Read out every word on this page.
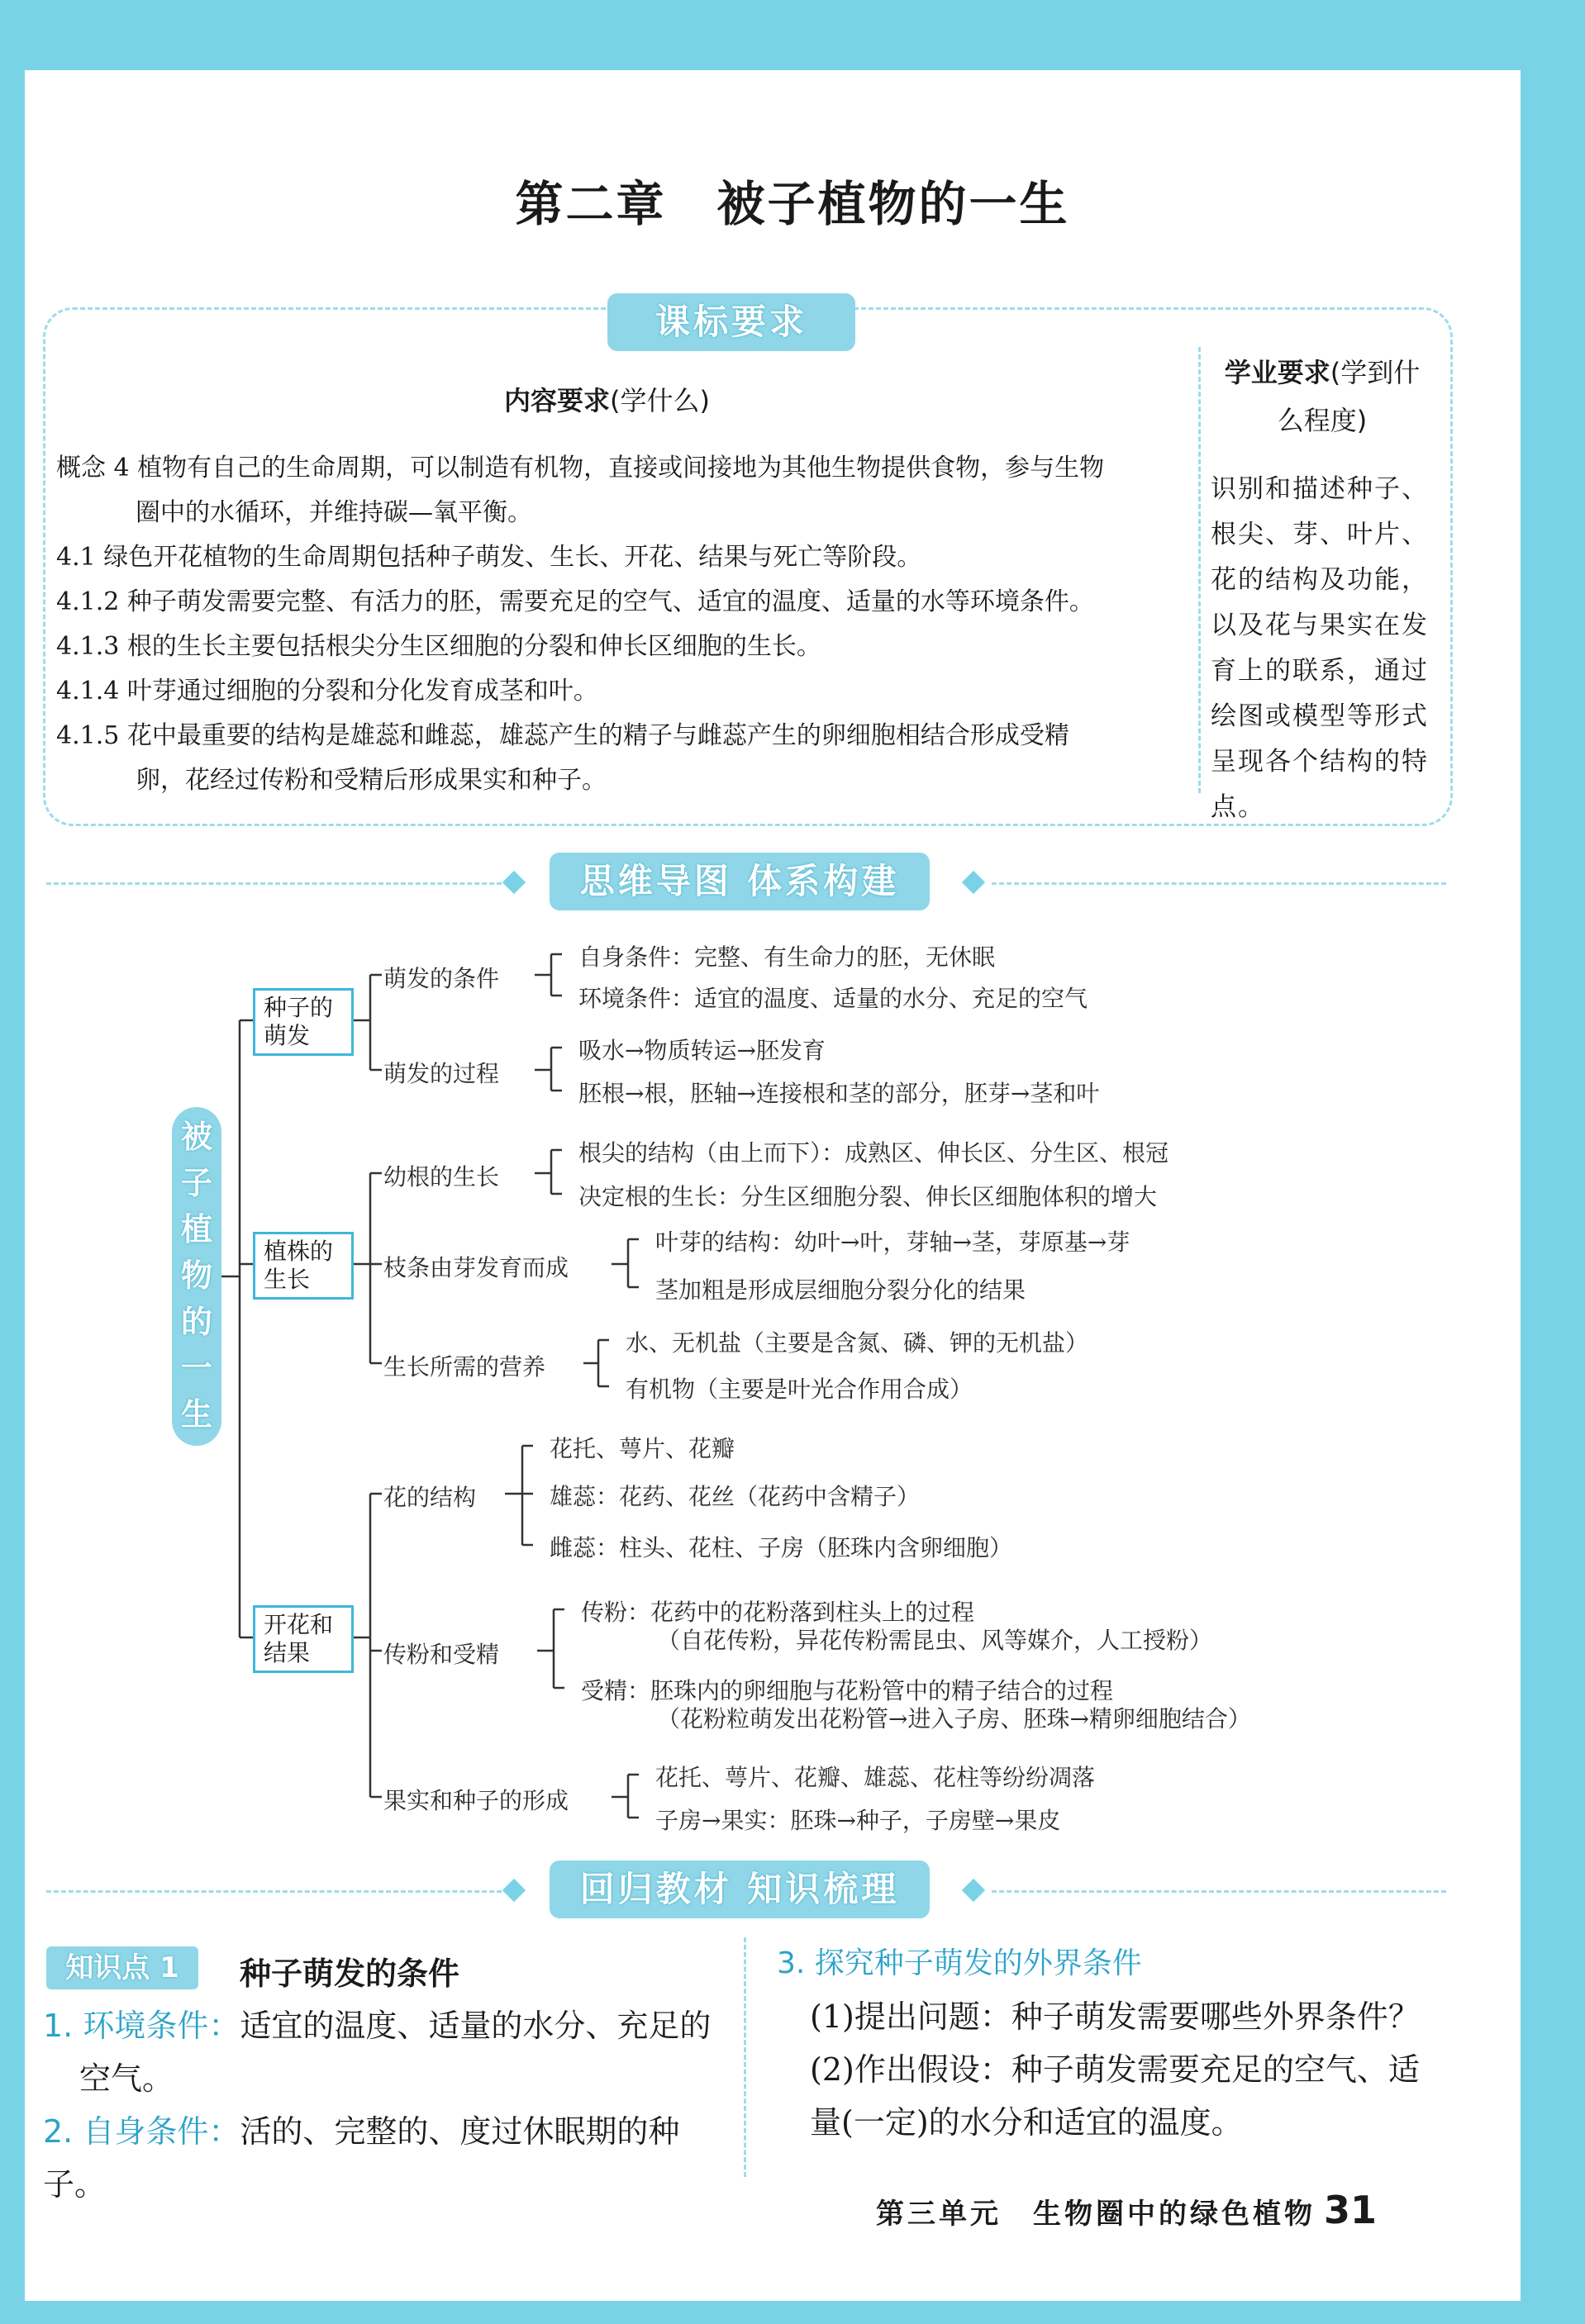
第二章　被子植物的一生
课标要求
内容要求(学什么)
概念 4 植物有自己的生命周期，可以制造有机物，直接或间接地为其他生物提供食物，参与生物
圈中的水循环，并维持碳—氧平衡。
4.1 绿色开花植物的生命周期包括种子萌发、生长、开花、结果与死亡等阶段。
4.1.2 种子萌发需要完整、有活力的胚，需要充足的空气、适宜的温度、适量的水等环境条件。
4.1.3 根的生长主要包括根尖分生区细胞的分裂和伸长区细胞的生长。
4.1.4 叶芽通过细胞的分裂和分化发育成茎和叶。
4.1.5 花中最重要的结构是雄蕊和雌蕊，雄蕊产生的精子与雌蕊产生的卵细胞相结合形成受精
卵，花经过传粉和受精后形成果实和种子。
学业要求(学到什么程度)
识别和描述种子、根尖、芽、叶片、花的结构及功能，以及花与果实在发育上的联系，通过绘图或模型等形式呈现各个结构的特点。
思维导图 体系构建
被子植物的一生
种子的萌发
植株的生长
开花和结果
萌发的条件
自身条件：完整、有生命力的胚，无休眠
环境条件：适宜的温度、适量的水分、充足的空气
萌发的过程
吸水→物质转运→胚发育
胚根→根，胚轴→连接根和茎的部分，胚芽→茎和叶
幼根的生长
根尖的结构（由上而下）：成熟区、伸长区、分生区、根冠
决定根的生长：分生区细胞分裂、伸长区细胞体积的增大
枝条由芽发育而成
叶芽的结构：幼叶→叶，芽轴→茎，芽原基→芽
茎加粗是形成层细胞分裂分化的结果
生长所需的营养
水、无机盐（主要是含氮、磷、钾的无机盐）
有机物（主要是叶光合作用合成）
花的结构
花托、萼片、花瓣
雄蕊：花药、花丝（花药中含精子）
雌蕊：柱头、花柱、子房（胚珠内含卵细胞）
传粉和受精
传粉：花药中的花粉落到柱头上的过程
（自花传粉，异花传粉需昆虫、风等媒介，人工授粉）
受精：胚珠内的卵细胞与花粉管中的精子结合的过程
（花粉粒萌发出花粉管→进入子房、胚珠→精卵细胞结合）
果实和种子的形成
花托、萼片、花瓣、雄蕊、花柱等纷纷凋落
子房→果实：胚珠→种子，子房壁→果皮
回归教材 知识梳理
知识点 1	种子萌发的条件
1. 环境条件：适宜的温度、适量的水分、充足的
空气。
2. 自身条件：活的、完整的、度过休眠期的种子。
3. 探究种子萌发的外界条件
(1)提出问题：种子萌发需要哪些外界条件？
(2)作出假设：种子萌发需要充足的空气、适
量(一定)的水分和适宜的温度。
第三单元　生物圈中的绿色植物 31
